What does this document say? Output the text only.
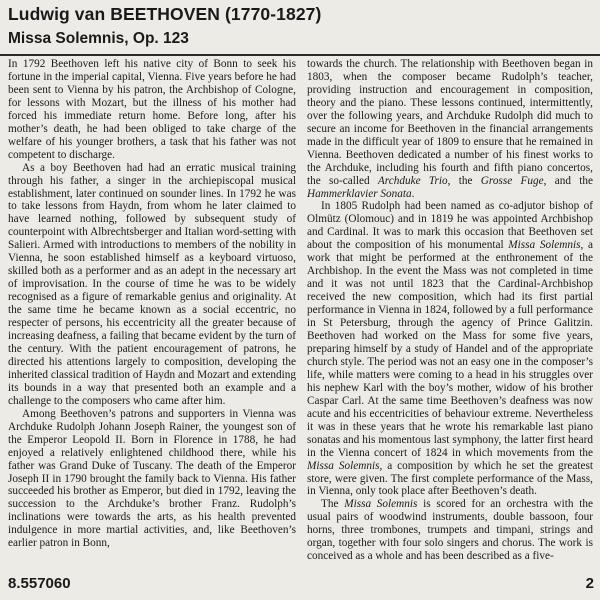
Ludwig van BEETHOVEN (1770-1827)
Missa Solemnis, Op. 123

In 1792 Beethoven left his native city of Bonn to seek his fortune in the imperial capital, Vienna. Five years before he had been sent to Vienna by his patron, the Archbishop of Cologne, for lessons with Mozart, but the illness of his mother had forced his immediate return home. Before long, after his mother’s death, he had been obliged to take charge of the welfare of his younger brothers, a task that his father was not competent to discharge.

As a boy Beethoven had had an erratic musical training through his father, a singer in the archiepiscopal musical establishment, later continued on sounder lines. In 1792 he was to take lessons from Haydn, from whom he later claimed to have learned nothing, followed by subsequent study of counterpoint with Albrechtsberger and Italian word-setting with Salieri. Armed with introductions to members of the nobility in Vienna, he soon established himself as a keyboard virtuoso, skilled both as a performer and as an adept in the necessary art of improvisation. In the course of time he was to be widely recognised as a figure of remarkable genius and originality. At the same time he became known as a social eccentric, no respecter of persons, his eccentricity all the greater because of increasing deafness, a failing that became evident by the turn of the century. With the patient encouragement of patrons, he directed his attentions largely to composition, developing the inherited classical tradition of Haydn and Mozart and extending its bounds in a way that presented both an example and a challenge to the composers who came after him.

Among Beethoven’s patrons and supporters in Vienna was Archduke Rudolph Johann Joseph Rainer, the youngest son of the Emperor Leopold II. Born in Florence in 1788, he had enjoyed a relatively enlightened childhood there, while his father was Grand Duke of Tuscany. The death of the Emperor Joseph II in 1790 brought the family back to Vienna. His father succeeded his brother as Emperor, but died in 1792, leaving the succession to the Archduke’s brother Franz. Rudolph’s inclinations were towards the arts, as his health prevented indulgence in more martial activities, and, like Beethoven’s earlier patron in Bonn,

towards the church. The relationship with Beethoven began in 1803, when the composer became Rudolph’s teacher, providing instruction and encouragement in composition, theory and the piano. These lessons continued, intermittently, over the following years, and Archduke Rudolph did much to secure an income for Beethoven in the financial arrangements made in the difficult year of 1809 to ensure that he remained in Vienna. Beethoven dedicated a number of his finest works to the Archduke, including his fourth and fifth piano concertos, the so-called Archduke Trio, the Grosse Fuge, and the Hammerklavier Sonata.

In 1805 Rudolph had been named as co-adjutor bishop of Olmütz (Olomouc) and in 1819 he was appointed Archbishop and Cardinal. It was to mark this occasion that Beethoven set about the composition of his monumental Missa Solemnis, a work that might be performed at the enthronement of the Archbishop. In the event the Mass was not completed in time and it was not until 1823 that the Cardinal-Archbishop received the new composition, which had its first partial performance in Vienna in 1824, followed by a full performance in St Petersburg, through the agency of Prince Galitzin. Beethoven had worked on the Mass for some five years, preparing himself by a study of Handel and of the appropriate church style. The period was not an easy one in the composer’s life, while matters were coming to a head in his struggles over his nephew Karl with the boy’s mother, widow of his brother Caspar Carl. At the same time Beethoven’s deafness was now acute and his eccentricities of behaviour extreme. Nevertheless it was in these years that he wrote his remarkable last piano sonatas and his momentous last symphony, the latter first heard in the Vienna concert of 1824 in which movements from the Missa Solemnis, a composition by which he set the greatest store, were given. The first complete performance of the Mass, in Vienna, only took place after Beethoven’s death.

The Missa Solemnis is scored for an orchestra with the usual pairs of woodwind instruments, double bassoon, four horns, three trombones, trumpets and timpani, strings and organ, together with four solo singers and chorus. The work is conceived as a whole and has been described as a five-

8.557060	2
